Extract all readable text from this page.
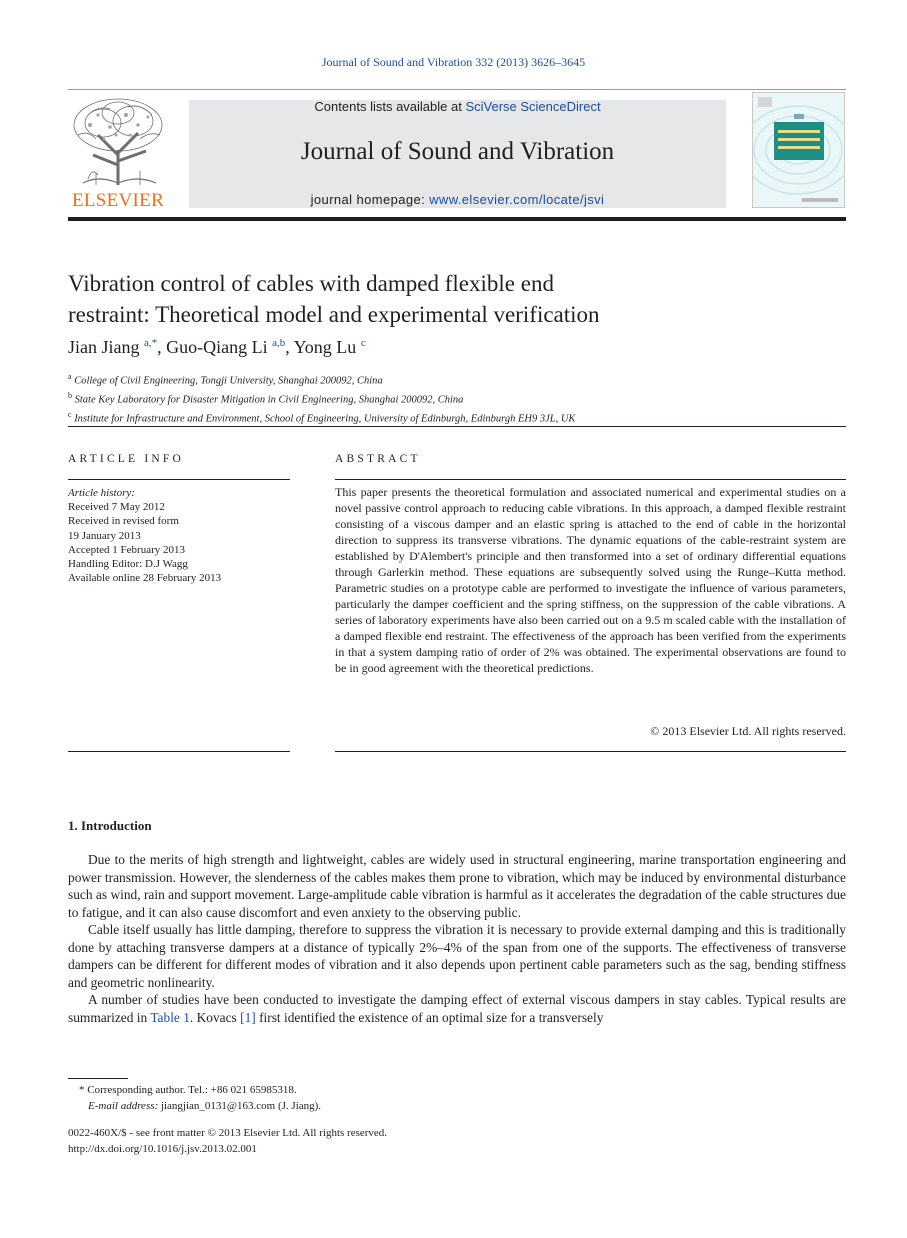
Journal of Sound and Vibration 332 (2013) 3626–3645
ELSEVIER
Contents lists available at SciVerse ScienceDirect
Journal of Sound and Vibration
journal homepage: www.elsevier.com/locate/jsvi
Vibration control of cables with damped flexible end
restraint: Theoretical model and experimental verification
Jian Jiang $^{a,*}$, Guo-Qiang Li $^{a,b}$, Yong Lu $^c$
$^a$ College of Civil Engineering, Tongji University, Shanghai 200092, China
$^b$ State Key Laboratory for Disaster Mitigation in Civil Engineering, Shanghai 200092, China
$^c$ Institute for Infrastructure and Environment, School of Engineering, University of Edinburgh, Edinburgh EH9 3JL, UK
ARTICLE INFO
Article history:
Received 7 May 2012
Received in revised form
19 January 2013
Accepted 1 February 2013
Handling Editor: D.J Wagg
Available online 28 February 2013
ABSTRACT
This paper presents the theoretical formulation and associated numerical and experimental studies on a novel passive control approach to reducing cable vibrations. In this approach, a damped flexible restraint consisting of a viscous damper and an elastic spring is attached to the end of cable in the horizontal direction to suppress its transverse vibrations. The dynamic equations of the cable-restraint system are established by D'Alembert's principle and then transformed into a set of ordinary differential equations through Garlerkin method. These equations are subsequently solved using the Runge–Kutta method. Parametric studies on a prototype cable are performed to investigate the influence of various parameters, particularly the damper coefficient and the spring stiffness, on the suppression of the cable vibrations. A series of laboratory experiments have also been carried out on a 9.5 m scaled cable with the installation of a damped flexible end restraint. The effectiveness of the approach has been verified from the experiments in that a system damping ratio of order of 2% was obtained. The experimental observations are found to be in good agreement with the theoretical predictions.
© 2013 Elsevier Ltd. All rights reserved.
1. Introduction

Due to the merits of high strength and lightweight, cables are widely used in structural engineering, marine transportation engineering and power transmission. However, the slenderness of the cables makes them prone to vibration, which may be induced by environmental disturbance such as wind, rain and support movement. Large-amplitude cable vibration is harmful as it accelerates the degradation of the cable structures due to fatigue, and it can also cause discomfort and even anxiety to the observing public.

Cable itself usually has little damping, therefore to suppress the vibration it is necessary to provide external damping and this is traditionally done by attaching transverse dampers at a distance of typically 2%–4% of the span from one of the supports. The effectiveness of transverse dampers can be different for different modes of vibration and it also depends upon pertinent cable parameters such as the sag, bending stiffness and geometric nonlinearity.

A number of studies have been conducted to investigate the damping effect of external viscous dampers in stay cables. Typical results are summarized in Table 1. Kovacs [1] first identified the existence of an optimal size for a transversely

* Corresponding author. Tel.: +86 021 65985318.
E-mail address: jiangjian_0131@163.com (J. Jiang).
0022-460X/$ - see front matter © 2013 Elsevier Ltd. All rights reserved.
http://dx.doi.org/10.1016/j.jsv.2013.02.001
